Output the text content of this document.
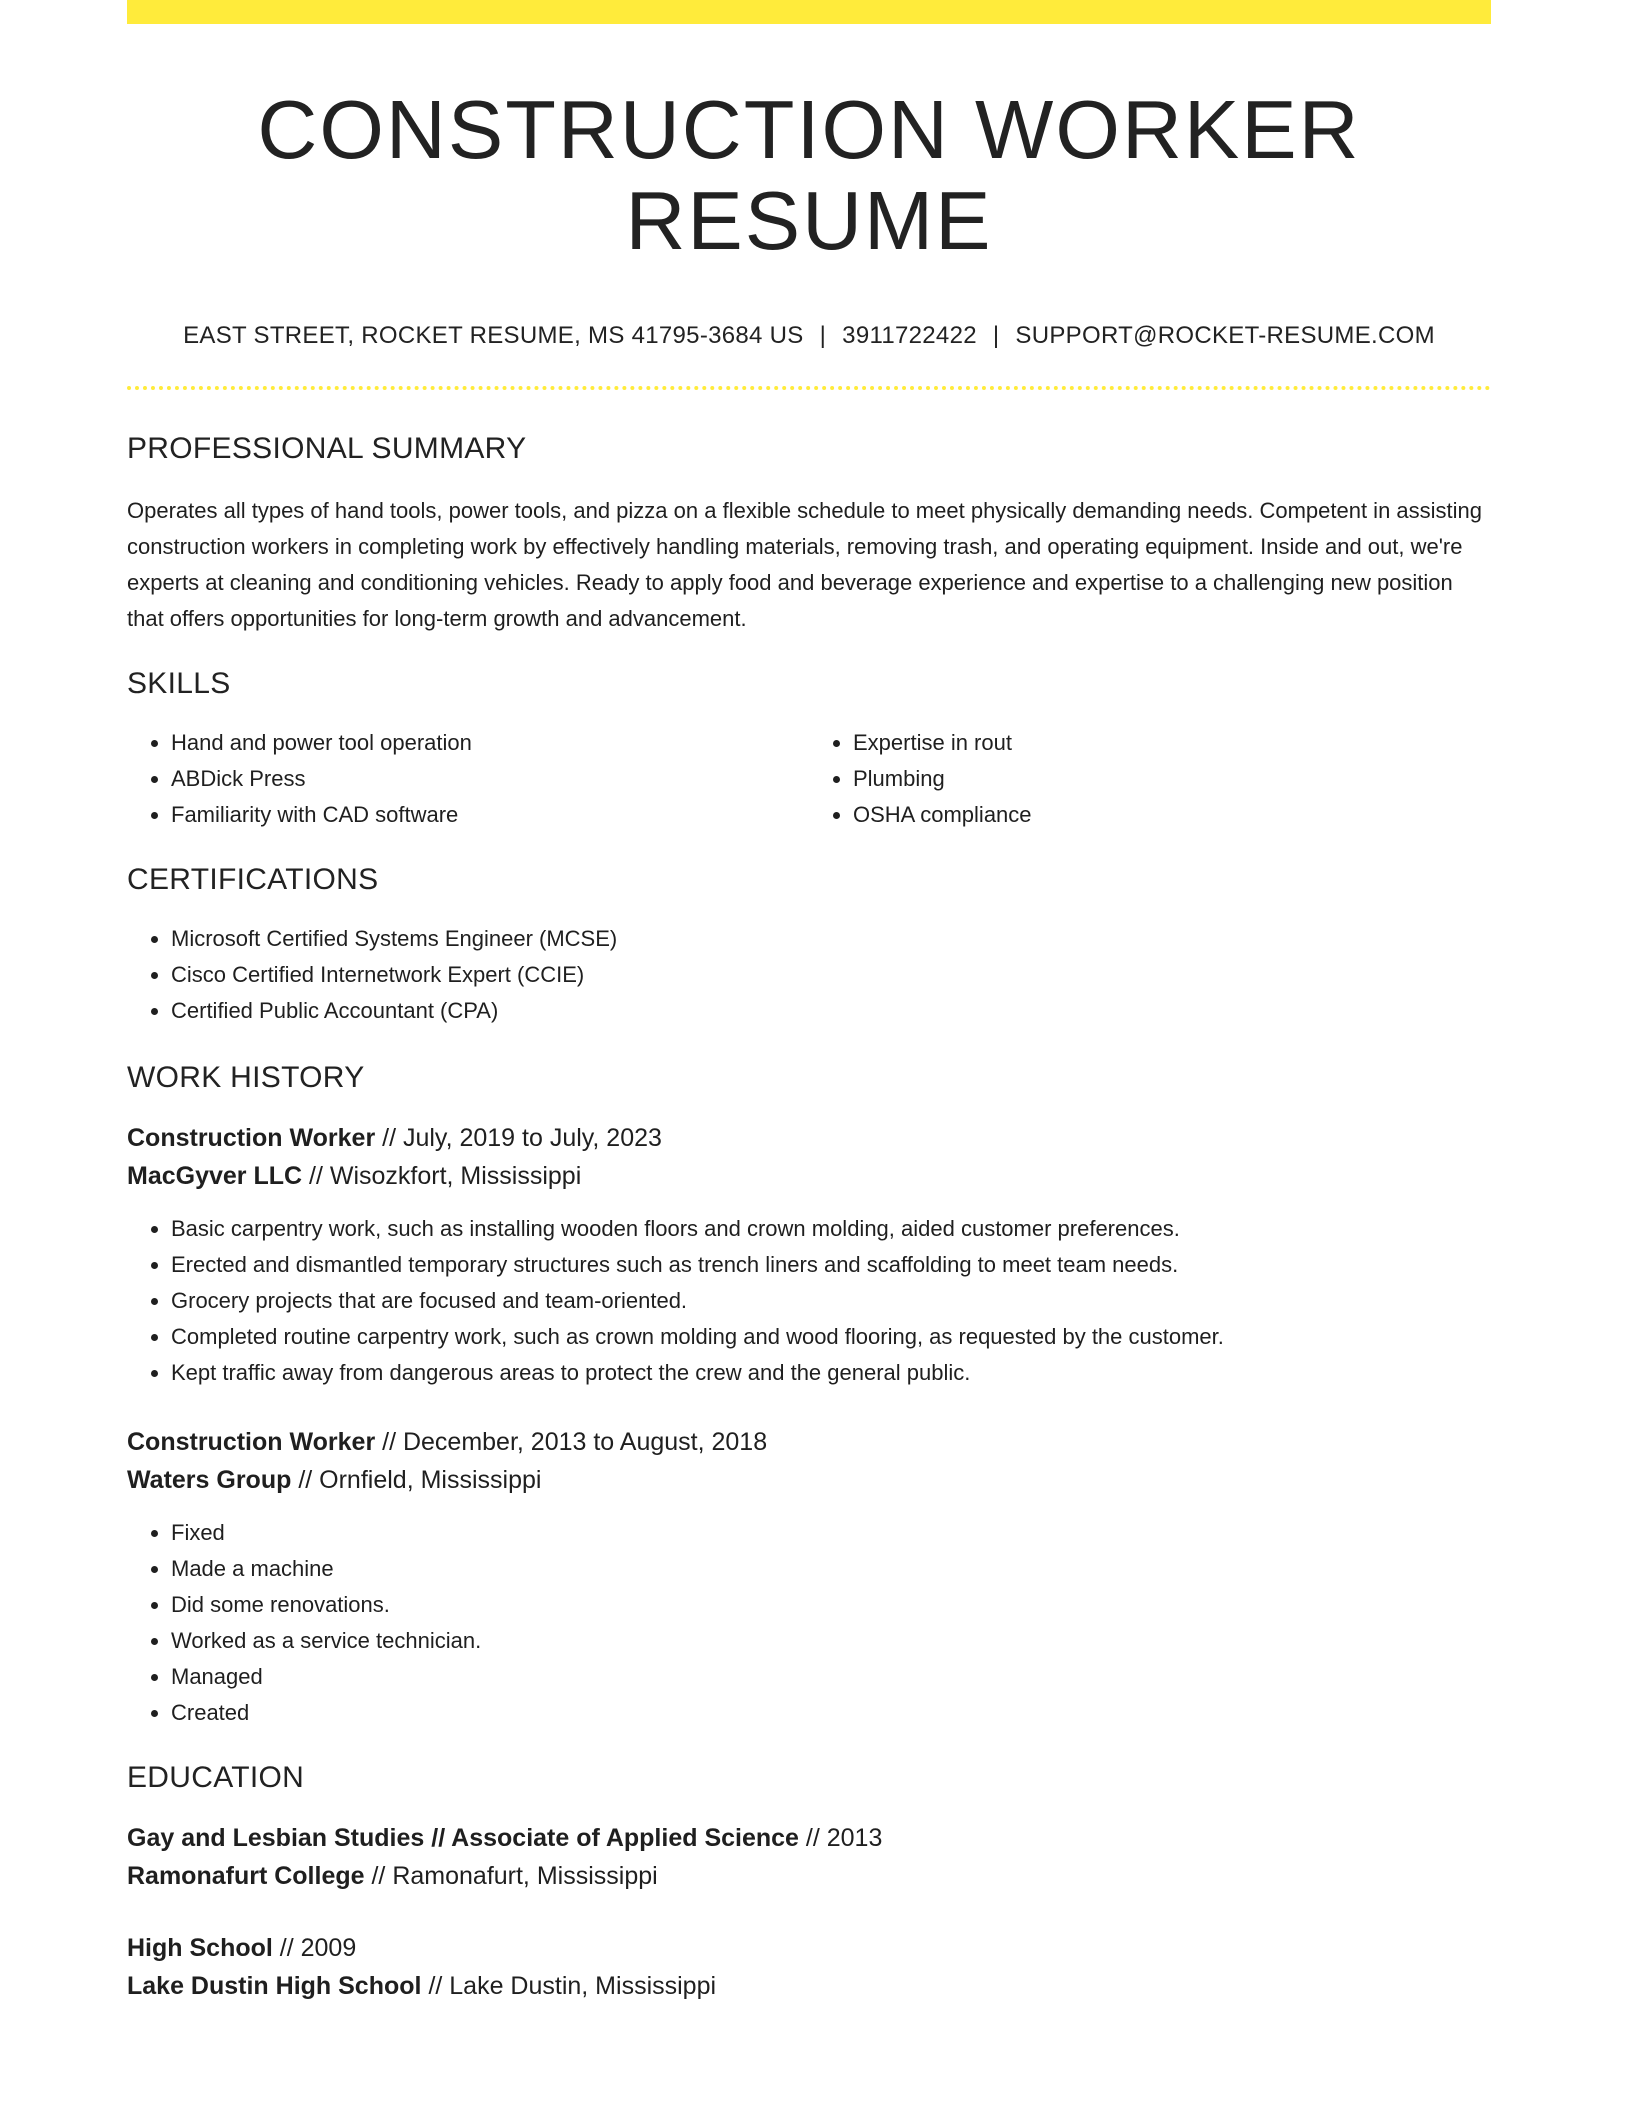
CONSTRUCTION WORKER RESUME
EAST STREET, ROCKET RESUME, MS 41795-3684 US | 3911722422 | SUPPORT@ROCKET-RESUME.COM
PROFESSIONAL SUMMARY
Operates all types of hand tools, power tools, and pizza on a flexible schedule to meet physically demanding needs. Competent in assisting construction workers in completing work by effectively handling materials, removing trash, and operating equipment. Inside and out, we're experts at cleaning and conditioning vehicles. Ready to apply food and beverage experience and expertise to a challenging new position that offers opportunities for long-term growth and advancement.
SKILLS
• Hand and power tool operation
• ABDick Press
• Familiarity with CAD software
• Expertise in rout
• Plumbing
• OSHA compliance
CERTIFICATIONS
• Microsoft Certified Systems Engineer (MCSE)
• Cisco Certified Internetwork Expert (CCIE)
• Certified Public Accountant (CPA)
WORK HISTORY
Construction Worker // July, 2019 to July, 2023
MacGyver LLC // Wisozkfort, Mississippi
• Basic carpentry work, such as installing wooden floors and crown molding, aided customer preferences.
• Erected and dismantled temporary structures such as trench liners and scaffolding to meet team needs.
• Grocery projects that are focused and team-oriented.
• Completed routine carpentry work, such as crown molding and wood flooring, as requested by the customer.
• Kept traffic away from dangerous areas to protect the crew and the general public.
Construction Worker // December, 2013 to August, 2018
Waters Group // Ornfield, Mississippi
• Fixed
• Made a machine
• Did some renovations.
• Worked as a service technician.
• Managed
• Created
EDUCATION
Gay and Lesbian Studies // Associate of Applied Science // 2013
Ramonafurt College // Ramonafurt, Mississippi
High School // 2009
Lake Dustin High School // Lake Dustin, Mississippi
